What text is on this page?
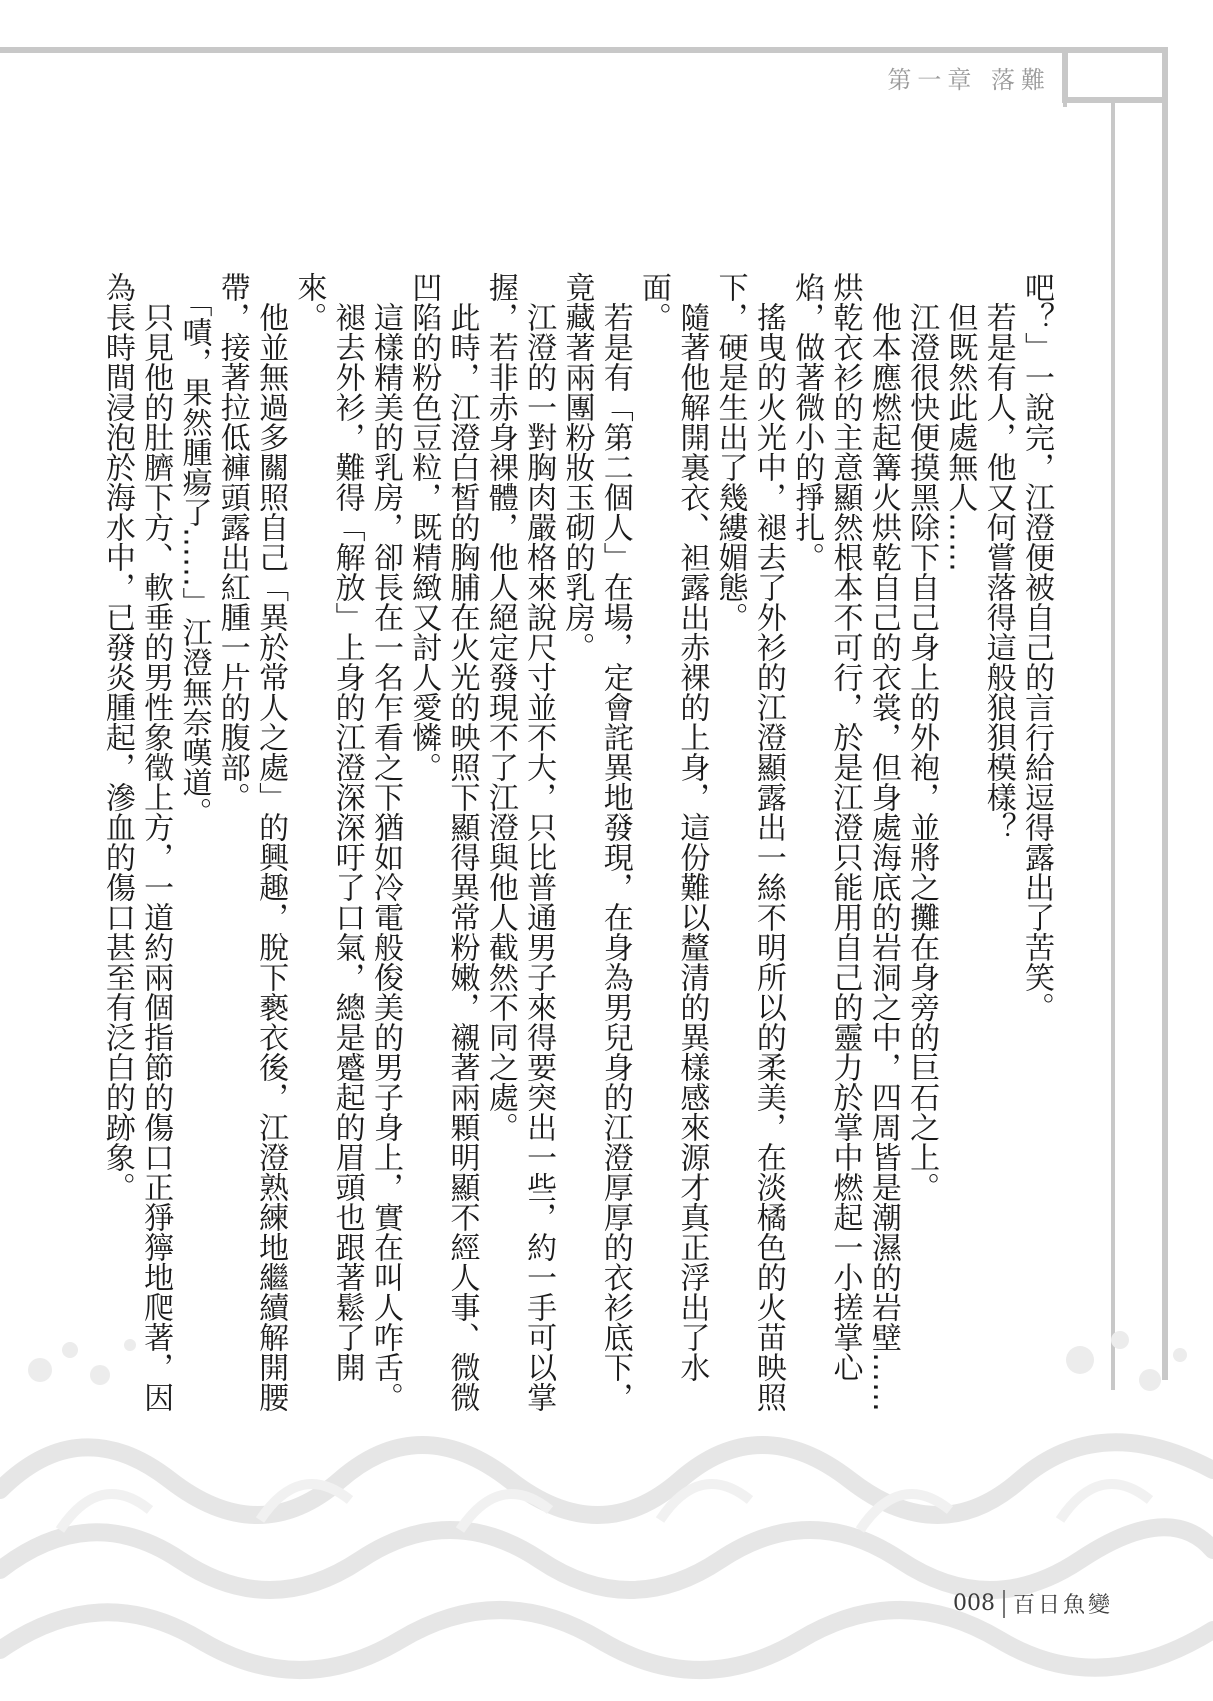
第一章 落難

吧？」一說完，江澄便被自己的言行給逗得露出了苦笑。

　若是有人，他又何嘗落得這般狼狽模樣？

　但既然此處無人……

　江澄很快便摸黑除下自己身上的外袍，並將之攤在身旁的巨石之上。

　他本應燃起篝火烘乾自己的衣裳，但身處海底的岩洞之中，四周皆是潮濕的岩壁……烘乾衣衫的主意顯然根本不可行，於是江澄只能用自己的靈力於掌中燃起一小搓掌心焰，做著微小的掙扎。

　搖曳的火光中，褪去了外衫的江澄顯露出一絲不明所以的柔美，在淡橘色的火苗映照下，硬是生出了幾縷媚態。

　隨著他解開裏衣、袒露出赤裸的上身，這份難以釐清的異樣感來源才真正浮出了水面。

　若是有「第二個人」在場，定會詫異地發現，在身為男兒身的江澄厚厚的衣衫底下，竟藏著兩團粉妝玉砌的乳房。

　江澄的一對胸肉嚴格來說尺寸並不大，只比普通男子來得要突出一些，約一手可以掌握，若非赤身裸體，他人絕定發現不了江澄與他人截然不同之處。

　此時，江澄白皙的胸脯在火光的映照下顯得異常粉嫩，襯著兩顆明顯不經人事、微微凹陷的粉色豆粒，既精緻又討人愛憐。

　這樣精美的乳房，卻長在一名乍看之下猶如冷電般俊美的男子身上，實在叫人咋舌。

　褪去外衫，難得「解放」上身的江澄深深吁了口氣，總是蹙起的眉頭也跟著鬆了開來。

　他並無過多關照自己「異於常人之處」的興趣，脫下褻衣後，江澄熟練地繼續解開腰帶，接著拉低褲頭露出紅腫一片的腹部。

　「嘖，果然腫瘍了……」江澄無奈嘆道。

　只見他的肚臍下方、軟垂的男性象徵上方，一道約兩個指節的傷口正猙獰地爬著，因為長時間浸泡於海水中，已發炎腫起，滲血的傷口甚至有泛白的跡象。

008 百日魚變
